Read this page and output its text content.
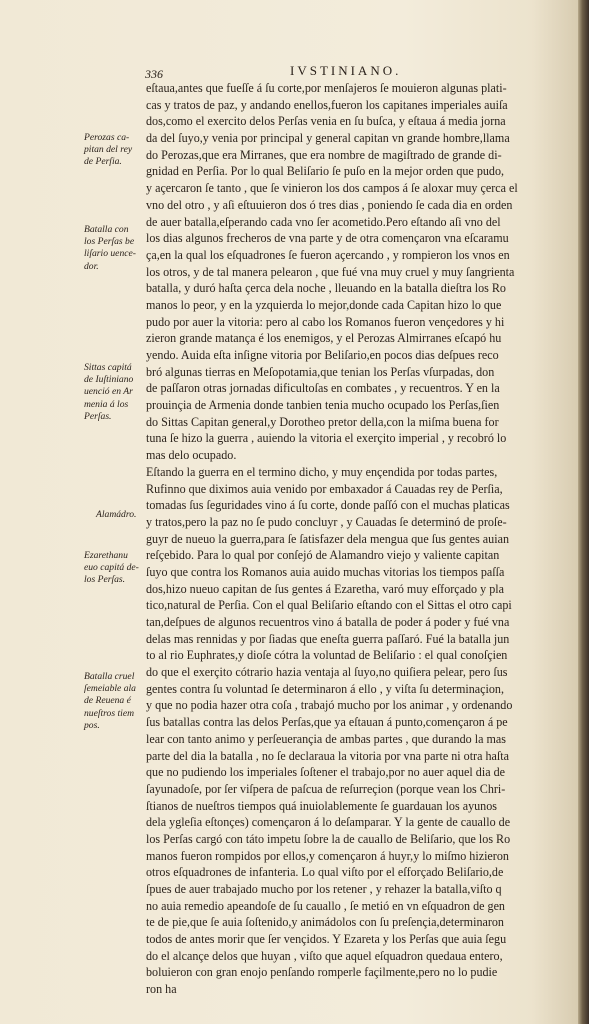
336	IVSTINIANO.
eſtaua,antes que fueſſe á ſu corte,por menſajeros ſe mouieron algunas plati-
cas y tratos de paz, y andando enellos,fueron los capitanes imperiales auiſa
dos,como el exercito delos Perſas venia en ſu buſca, y eſtaua á media jorna
da del ſuyo,y venia por principal y general capitan vn grande hombre,llama
do Perozas,que era Mirranes, que era nombre de magiſtrado de grande di-
gnidad en Perſia. Por lo qual Beliſario ſe puſo en la mejor orden que pudo,
y açercaron ſe tanto , que ſe vinieron los dos campos á ſe aloxar muy çerca el
vno del otro , y aſi eſtuuieron dos ó tres dias , poniendo ſe cada dia en orden
de auer batalla,eſperando cada vno ſer acometido.Pero eſtando aſi vno del
los dias algunos frecheros de vna parte y de otra començaron vna eſcaramu
ça,en la qual los eſquadrones ſe fueron açercando , y rompieron los vnos en
los otros, y de tal manera pelearon , que fué vna muy cruel y muy ſangrienta
batalla, y duró haſta çerca dela noche , lleuando en la batalla dieſtra los Ro
manos lo peor, y en la yzquierda lo mejor,donde cada Capitan hizo lo que
pudo por auer la vitoria: pero al cabo los Romanos fueron vençedores y hi
zieron grande matança é los enemigos, y el Perozas Almirranes eſcapó hu
yendo. Auida eſta inſigne vitoria por Beliſario,en pocos dias deſpues reco
bró algunas tierras en Meſopotamia,que tenian los Perſas vſurpadas, don
de paſſaron otras jornadas dificultoſas en combates , y recuentros. Y en la
prouinçia de Armenia donde tanbien tenia mucho ocupado los Perſas,ſien
do Sittas Capitan general,y Dorotheo pretor della,con la miſma buena for
tuna ſe hizo la guerra , auiendo la vitoria el exerçito imperial , y recobró lo
mas delo ocupado.
Eſtando la guerra en el termino dicho, y muy ençendida por todas partes,
Rufinno que diximos auia venido por embaxador á Cauadas rey de Perſia,
tomadas ſus ſeguridades vino á ſu corte, donde paſſó con el muchas platicas
y tratos,pero la paz no ſe pudo concluyr , y Cauadas ſe determinó de proſe-
guyr de nueuo la guerra,para ſe ſatisfazer dela mengua que ſus gentes auian
reſçebido. Para lo qual por conſejó de Alamandro viejo y valiente capitan
ſuyo que contra los Romanos auia auido muchas vitorias los tiempos paſſa
dos,hizo nueuo capitan de ſus gentes á Ezaretha, varó muy eſforçado y pla
tico,natural de Perſia. Con el qual Beliſario eſtando con el Sittas el otro capi
tan,deſpues de algunos recuentros vino á batalla de poder á poder y fué vna
delas mas rennidas y por ſiadas que eneſta guerra paſſaró. Fué la batalla jun
to al rio Euphrates,y dioſe cótra la voluntad de Beliſario : el qual conoſçien
do que el exerçito cótrario hazia ventaja al ſuyo,no quiſiera pelear, pero ſus
gentes contra ſu voluntad ſe determinaron á ello , y viſta ſu determinaçion,
y que no podia hazer otra coſa , trabajó mucho por los animar , y ordenando
ſus batallas contra las delos Perſas,que ya eſtauan á punto,començaron á pe
lear con tanto animo y perſeuerançia de ambas partes , que durando la mas
parte del dia la batalla , no ſe declaraua la vitoria por vna parte ni otra haſta
que no pudiendo los imperiales ſoſtener el trabajo,por no auer aquel dia de
ſayunadoſe, por ſer viſpera de paſcua de reſurreçion (porque vean los Chri-
ſtianos de nueſtros tiempos quá inuiolablemente ſe guardauan los ayunos
dela ygleſia eſtonçes) començaron á lo deſamparar. Y la gente de cauallo de
los Perſas cargó con táto impetu ſobre la de cauallo de Beliſario, que los Ro
manos fueron rompidos por ellos,y començaron á huyr,y lo miſmo hizieron
otros eſquadrones de infanteria. Lo qual viſto por el eſforçado Beliſario,de
ſpues de auer trabajado mucho por los retener , y rehazer la batalla,viſto q
no auia remedio apeandoſe de ſu cauallo , ſe metió en vn eſquadron de gen
te de pie,que ſe auia ſoſtenido,y animádolos con ſu preſençia,determinaron
todos de antes morir que ſer vençidos. Y Ezareta y los Perſas que auia ſegu
do el alcançe delos que huyan , viſto que aquel eſquadron quedaua entero,
boluieron con gran enojo penſando romperle façilmente,pero no lo pudie
ron ha
Perozas ca-
pitan del rey
de Perſia.
Batalla con
los Perſas be
liſario uence-
dor.
Sittas capitá
de Iuſtiniano
uenció en Ar
menia á los
Perſas.
Alamádro.
Ezarethanu
euo capitá de-
los Perſas.
Batalla cruel
ſemeiable ala
de Reuena é
nueſtros tiem
pos.
